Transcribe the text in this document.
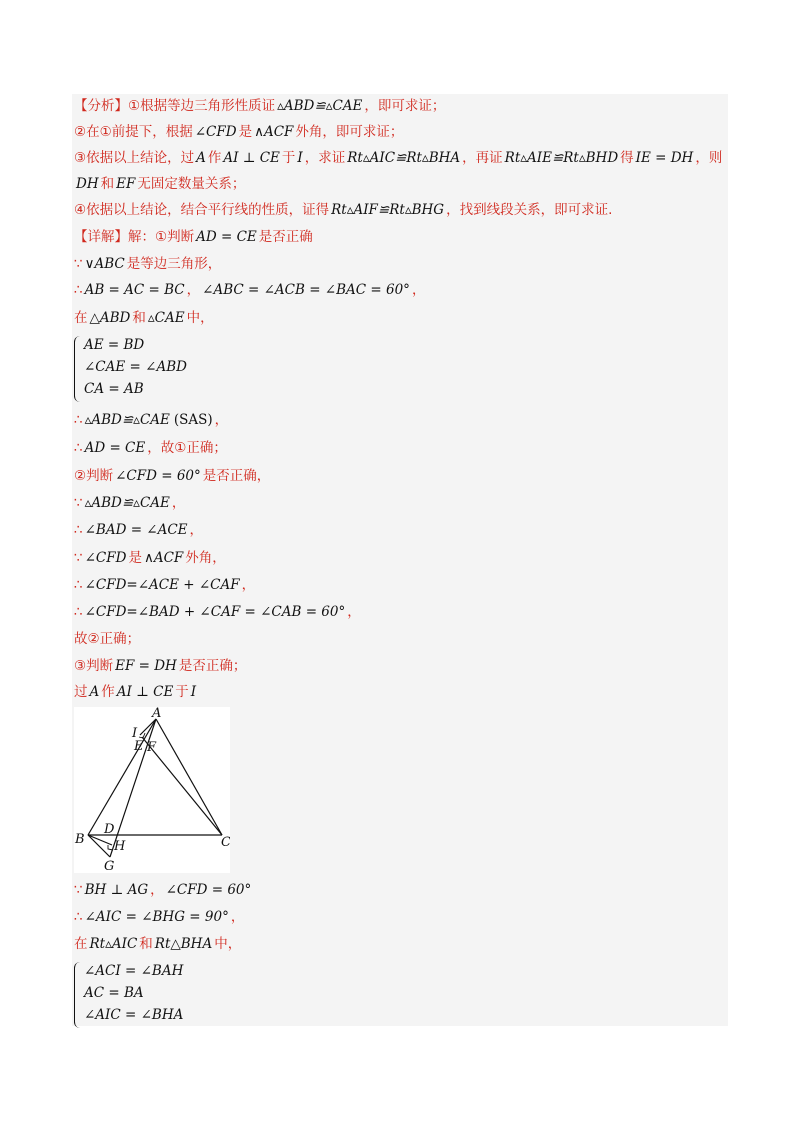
【分析】①根据等边三角形性质证 ▵ABD≌▵CAE ，即可求证；
②在①前提下，根据 ∠CFD 是 ∧ACF 外角，即可求证；
③依据以上结论，过 A 作 AI ⊥ CE 于 I ，求证 Rt▵AIC≌Rt▵BHA ，再证 Rt▵AIE≌Rt▵BHD 得 IE = DH ，则
DH 和 EF 无固定数量关系；
④依据以上结论，结合平行线的性质，证得 Rt▵AIF≌Rt▵BHG ，找到线段关系，即可求证.
【详解】解：①判断 AD = CE 是否正确
∵ ∨ABC 是等边三角形，
∴ AB = AC = BC ， ∠ABC = ∠ACB = ∠BAC = 60° ，
在 △ABD 和 ▵CAE 中，
∴ ▵ABD≌▵CAE (SAS) ，
∴ AD = CE ，故①正确；
②判断 ∠CFD = 60° 是否正确，
∵ ▵ABD≌▵CAE ，
∴ ∠BAD = ∠ACE ，
∵ ∠CFD 是 ∧ACF 外角，
∴ ∠CFD=∠ACE + ∠CAF ，
∴ ∠CFD=∠BAD + ∠CAF = ∠CAB = 60° ，
故②正确；
③判断 EF = DH 是否正确；
过 A 作 AI ⊥ CE 于 I
∵ BH ⊥ AG ， ∠CFD = 60°
∴ ∠AIC = ∠BHG = 90° ，
在 Rt▵AIC 和 Rt△BHA 中，
AE = BD
∠CAE = ∠ABD
CA = AB
∠ACI = ∠BAH
AC = BA
∠AIC = ∠BHA
A
I
E F
B	C
D
H
G
